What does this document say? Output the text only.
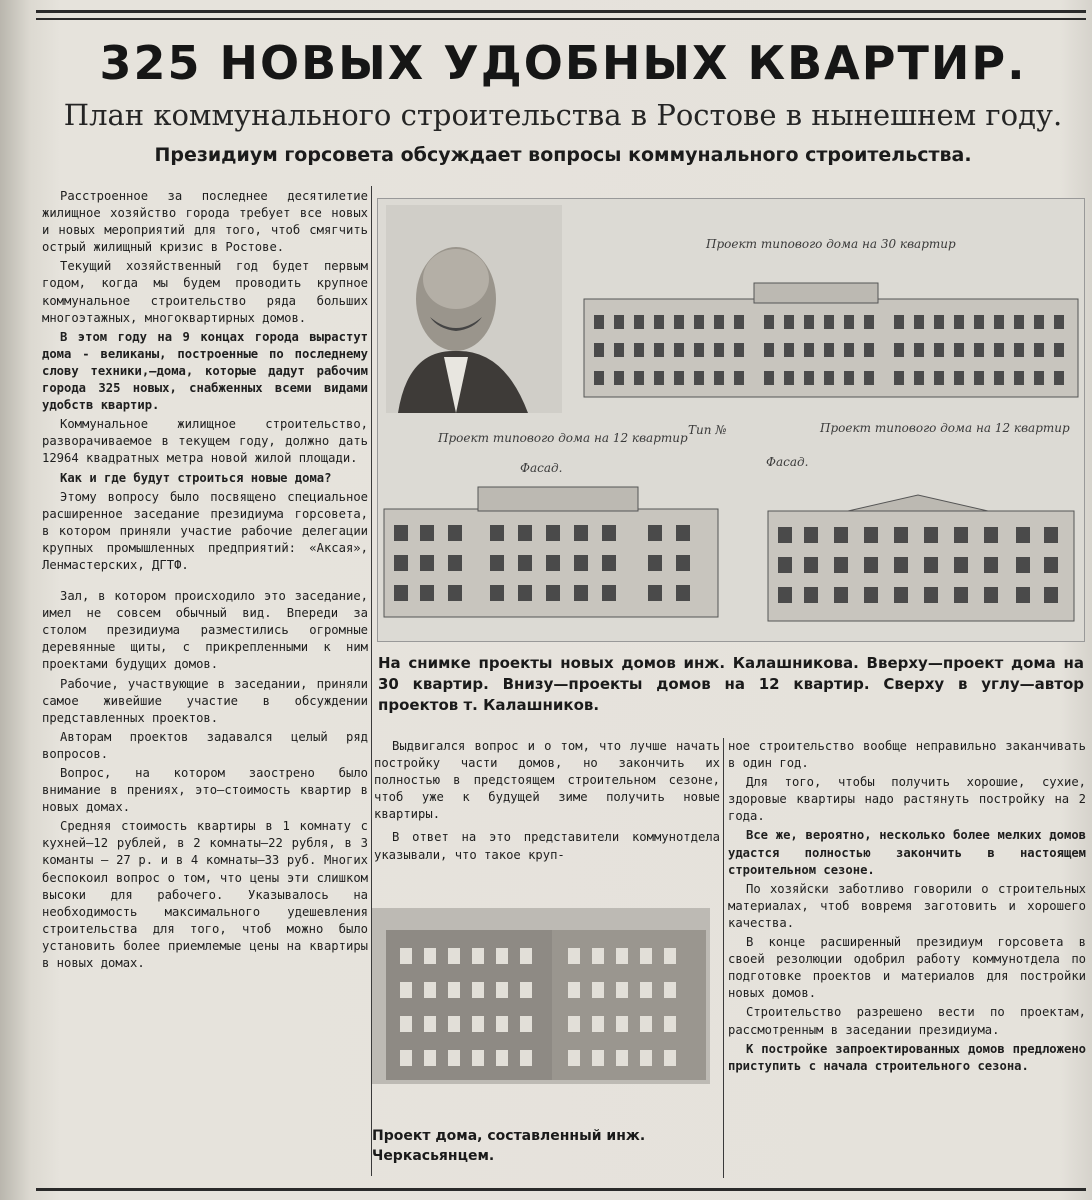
325 НОВЫХ УДОБНЫХ КВАРТИР.
План коммунального строительства в Ростове в нынешнем году.
Президиум горсовета обсуждает вопросы коммунального строительства.

Расстроенное за последнее десятилетие жилищное хозяйство города требует все новых и новых мероприятий для того, чтоб смягчить острый жилищный кризис в Ростове.

Текущий хозяйственный год будет первым годом, когда мы будем проводить крупное коммунальное строительство ряда больших многоэтажных, многоквартирных домов.

В этом году на 9 концах города вырастут дома - великаны, построенные по последнему слову техники,—дома, которые дадут рабочим города 325 новых, снабженных всеми видами удобств квартир.

Коммунальное жилищное строительство, разворачиваемое в текущем году, должно дать 12964 квадратных метра новой жилой площади.

Как и где будут строиться новые дома?

Этому вопросу было посвящено специальное расширенное заседание президиума горсовета, в котором приняли участие рабочие делегации крупных промышленных предприятий: «Аксая», Ленмастерских, ДГТФ.

Зал, в котором происходило это заседание, имел не совсем обычный вид. Впереди за столом президиума разместились огромные деревянные щиты, с прикрепленными к ним проектами будущих домов.

Рабочие, участвующие в заседании, приняли самое живейшие участие в обсуждении представленных проектов.

Авторам проектов задавался целый ряд вопросов.

Вопрос, на котором заострено было внимание в прениях, это—стоимость квартир в новых домах.

Средняя стоимость квартиры в 1 комнату с кухней—12 рублей, в 2 комнаты—22 рубля, в 3 команты — 27 р. и в 4 комнаты—33 руб. Многих беспокоил вопрос о том, что цены эти слишком высоки для рабочего. Указывалось на необходимость максимального удешевления строительства для того, чтоб можно было установить более приемлемые цены на квартиры в новых домах.

Проект типового дома на 30 квартир
Проект типового дома на 12 квартир
Фасад.
Тип №	Проект типового дома на 12 квартир
Фасад.
На снимке проекты новых домов инж. Калашникова. Вверху—проект дома на 30 квартир. Внизу—проекты домов на 12 квартир. Сверху в углу—автор проектов т. Калашников.

Выдвигался вопрос и о том, что лучше начать постройку части домов, но закончить их полностью в предстоящем строительном сезоне, чтоб уже к будущей зиме получить новые квартиры.

В ответ на это представители коммунотдела указывали, что такое круп-

Проект дома, составленный инж. Черкасьянцем.

ное строительство вообще неправильно заканчивать в один год.

Для того, чтобы получить хорошие, сухие, здоровые квартиры надо растянуть постройку на 2 года.

Все же, вероятно, несколько более мелких домов удастся полностью закончить в настоящем строительном сезоне.

По хозяйски заботливо говорили о строительных материалах, чтоб вовремя заготовить и хорошего качества.

В конце расширенный президиум горсовета в своей резолюции одобрил работу коммунотдела по подготовке проектов и материалов для постройки новых домов.

Строительство разрешено вести по проектам, рассмотренным в заседании президиума.

К постройке запроектированных домов предложено приступить с начала строительного сезона.
